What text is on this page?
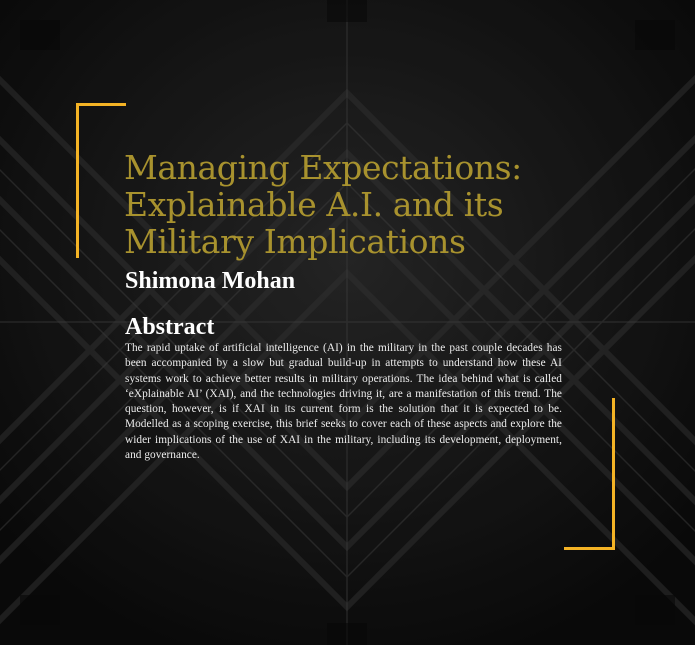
Managing Expectations:
Explainable A.I. and its
Military Implications
Shimona Mohan
Abstract

The rapid uptake of artificial intelligence (AI) in the military in the past couple decades has been accompanied by a slow but gradual build-up in attempts to understand how these AI systems work to achieve better results in military operations. The idea behind what is called ‘eXplainable AI’ (XAI), and the technologies driving it, are a manifestation of this trend. The question, however, is if XAI in its current form is the solution that it is expected to be. Modelled as a scoping exercise, this brief seeks to cover each of these aspects and explore the wider implications of the use of XAI in the military, including its development, deployment, and governance.
